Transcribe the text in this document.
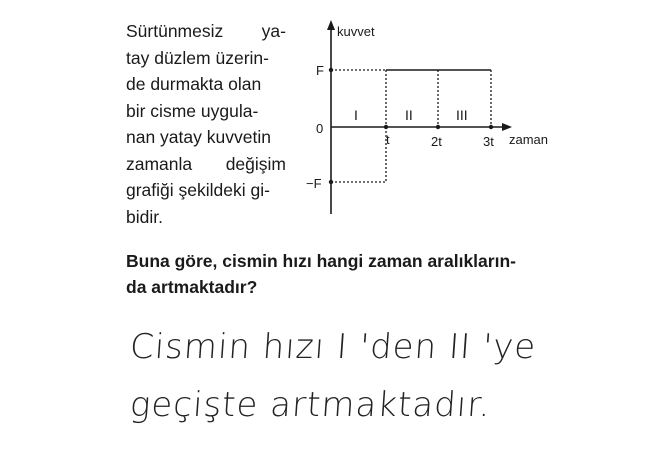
Sürtünmesiz ya-
tay düzlem üzerin-
de durmakta olan
bir cisme uygula-
nan yatay kuvvetin
zamanla değişim
grafiği şekildeki gi-
bidir.
kuvvet
zaman
F
0
−F
t	2t	3t
I	II	III
Buna göre, cismin hızı hangi zaman aralıkların-
da artmaktadır?
Cismin hızı I 'den II 'ye
geçişte artmaktadır.
